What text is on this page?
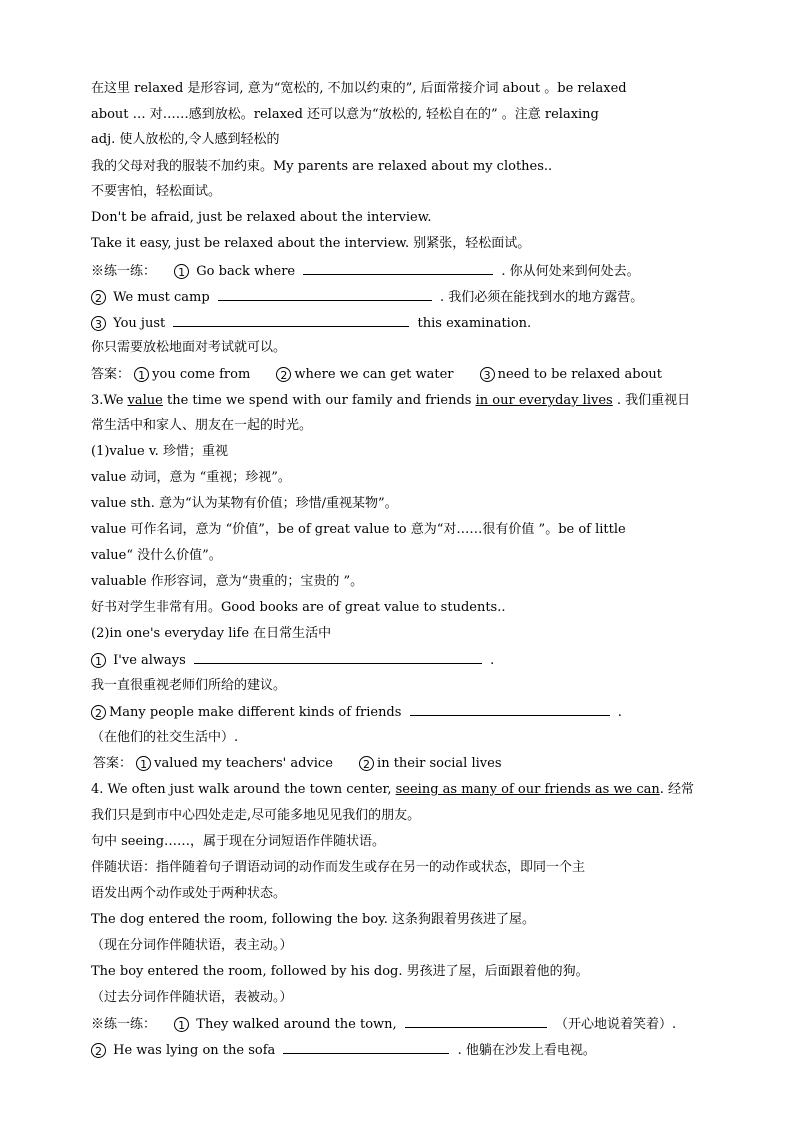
在这里 relaxed 是形容词, 意为“宽松的, 不加以约束的”, 后面常接介词 about 。be relaxed
about … 对……感到放松。relaxed 还可以意为“放松的, 轻松自在的” 。注意 relaxing
adj. 使人放松的,令人感到轻松的
我的父母对我的服装不加约束。My parents are relaxed about my clothes..
不要害怕，轻松面试。
Don't be afraid, just be relaxed about the interview.
Take it easy, just be relaxed about the interview. 别紧张，轻松面试。
※练一练： 1 Go back where	. 你从何处来到何处去。
2 We must camp	. 我们必须在能找到水的地方露营。
3 You just	this examination.
你只需要放松地面对考试就可以。
答案： 1 you come from	2 where we can get water	3 need to be relaxed about
3.We value the time we spend with our family and friends in our everyday lives . 我们重视日
常生活中和家人、朋友在一起的时光。
(1)value v. 珍惜；重视
value 动词，意为 “重视；珍视”。
value sth. 意为“认为某物有价值；珍惜/重视某物”。
value 可作名词，意为 “价值”，be of great value to 意为“对……很有价值 ”。be of little
value“ 没什么价值”。
valuable 作形容词，意为“贵重的；宝贵的 ”。
好书对学生非常有用。Good books are of great value to students..
(2)in one's everyday life 在日常生活中
1 I've always	.
我一直很重视老师们所给的建议。
2 Many people make different kinds of friends	.
（在他们的社交生活中）.
答案： 1 valued my teachers' advice	2 in their social lives
4. We often just walk around the town center, seeing as many of our friends as we can. 经常
我们只是到市中心四处走走,尽可能多地见见我们的朋友。
句中 seeing……，属于现在分词短语作伴随状语。
伴随状语：指伴随着句子谓语动词的动作而发生或存在另一的动作或状态，即同一个主
语发出两个动作或处于两种状态。
The dog entered the room, following the boy. 这条狗跟着男孩进了屋。
（现在分词作伴随状语，表主动。）
The boy entered the room, followed by his dog. 男孩进了屋，后面跟着他的狗。
（过去分词作伴随状语，表被动。）
※练一练： 1 They walked around the town,	（开心地说着笑着）.
2 He was lying on the sofa	. 他躺在沙发上看电视。
